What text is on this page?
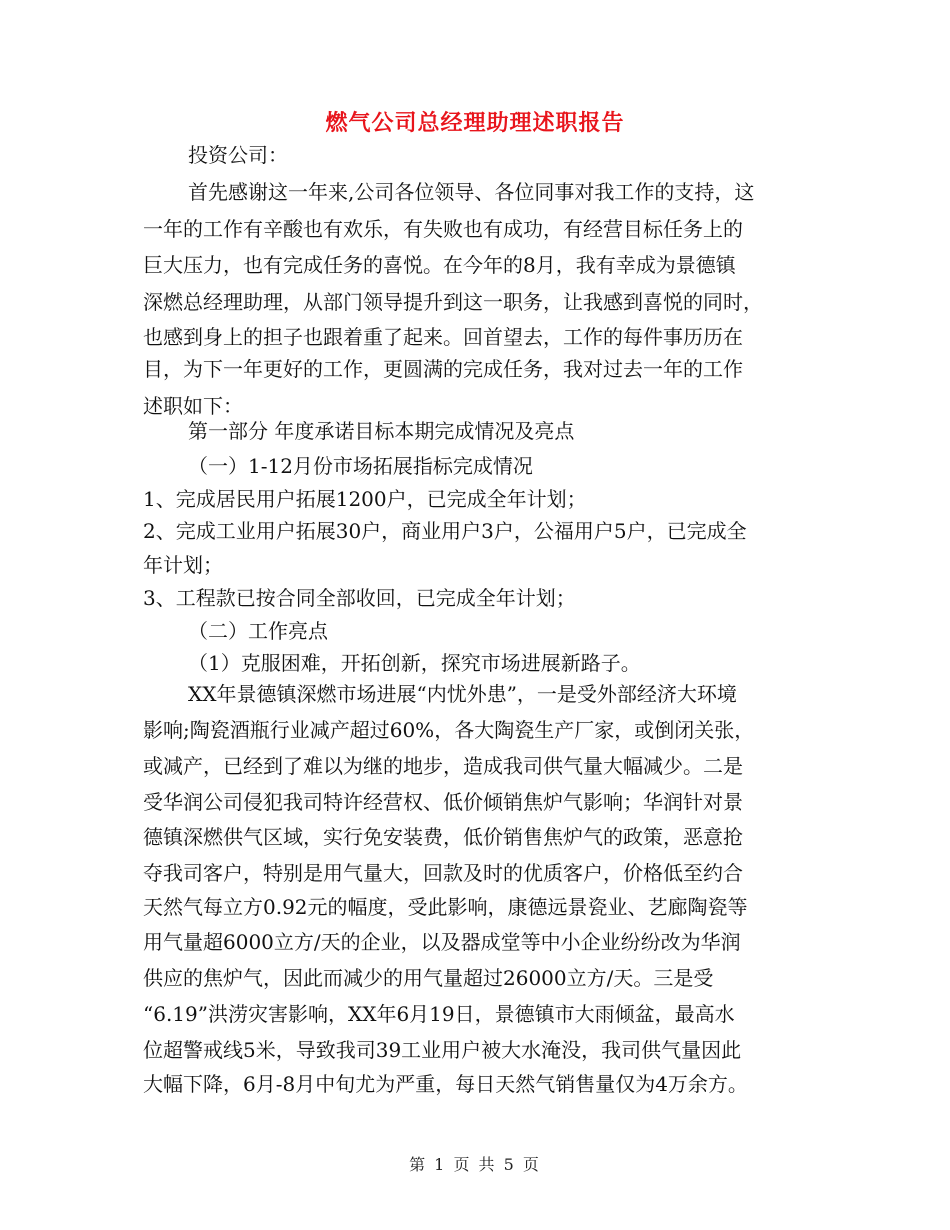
燃气公司总经理助理述职报告
投资公司：
首先感谢这一年来,公司各位领导、各位同事对我工作的支持，这
一年的工作有辛酸也有欢乐，有失败也有成功，有经营目标任务上的
巨大压力，也有完成任务的喜悦。在今年的8月，我有幸成为景德镇
深燃总经理助理，从部门领导提升到这一职务，让我感到喜悦的同时，
也感到身上的担子也跟着重了起来。回首望去，工作的每件事历历在
目，为下一年更好的工作，更圆满的完成任务，我对过去一年的工作
述职如下：
第一部分 年度承诺目标本期完成情况及亮点
（一）1-12月份市场拓展指标完成情况
1、完成居民用户拓展1200户，已完成全年计划；
2、完成工业用户拓展30户，商业用户3户，公福用户5户，已完成全
年计划；
3、工程款已按合同全部收回，已完成全年计划；
（二）工作亮点
（1）克服困难，开拓创新，探究市场进展新路子。
XX年景德镇深燃市场进展“内忧外患”，一是受外部经济大环境
影响;陶瓷酒瓶行业减产超过60%，各大陶瓷生产厂家，或倒闭关张，
或减产，已经到了难以为继的地步，造成我司供气量大幅减少。二是
受华润公司侵犯我司特许经营权、低价倾销焦炉气影响；华润针对景
德镇深燃供气区域，实行免安装费，低价销售焦炉气的政策，恶意抢
夺我司客户，特别是用气量大，回款及时的优质客户，价格低至约合
天然气每立方0.92元的幅度，受此影响，康德远景瓷业、艺廊陶瓷等
用气量超6000立方/天的企业，以及器成堂等中小企业纷纷改为华润
供应的焦炉气，因此而减少的用气量超过26000立方/天。三是受
“6.19”洪涝灾害影响，XX年6月19日，景德镇市大雨倾盆，最高水
位超警戒线5米，导致我司39工业用户被大水淹没，我司供气量因此
大幅下降，6月-8月中旬尤为严重，每日天然气销售量仅为4万余方。
第 1 页 共 5 页
